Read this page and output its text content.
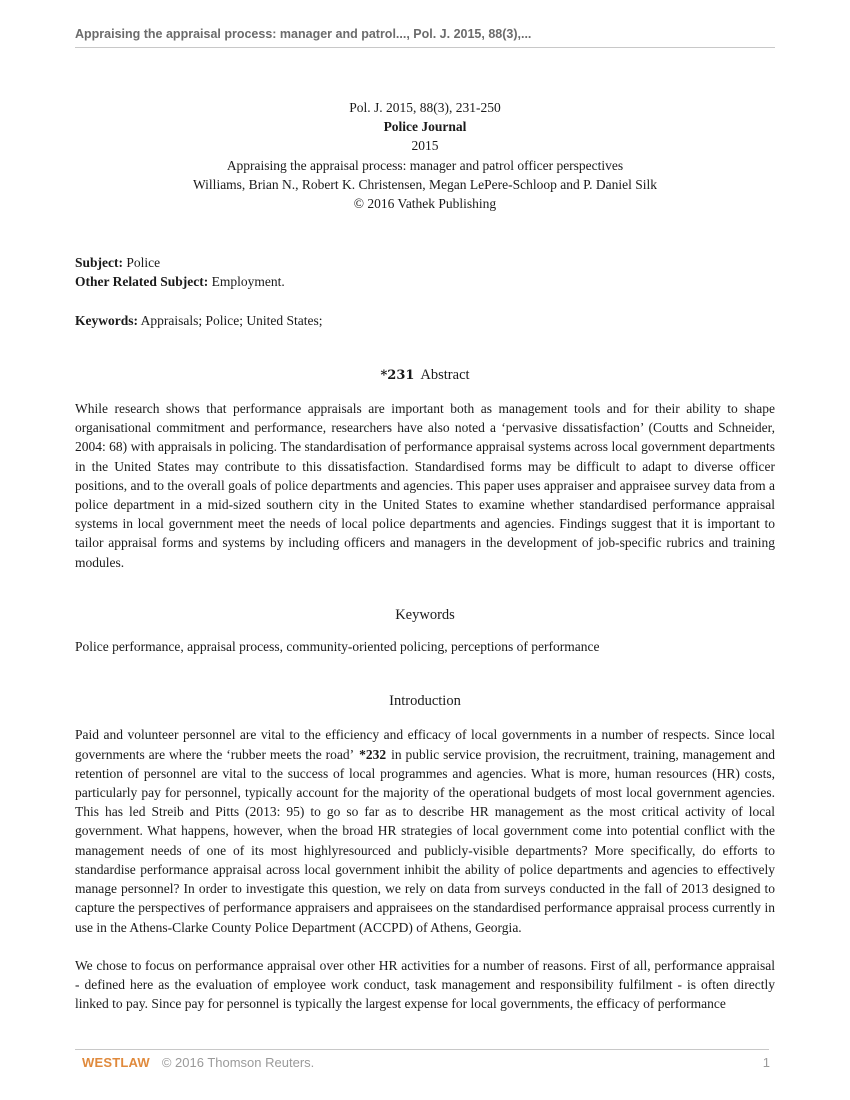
Appraising the appraisal process: manager and patrol..., Pol. J. 2015, 88(3),...

Pol. J. 2015, 88(3), 231-250

Police Journal

2015

Appraising the appraisal process: manager and patrol officer perspectives

Williams, Brian N., Robert K. Christensen, Megan LePere-Schloop and P. Daniel Silk

© 2016 Vathek Publishing

Subject: Police

Other Related Subject: Employment.

Keywords: Appraisals; Police; United States;

*231 Abstract

While research shows that performance appraisals are important both as management tools and for their ability to shape organisational commitment and performance, researchers have also noted a ‘pervasive dissatisfaction’ (Coutts and Schneider, 2004: 68) with appraisals in policing. The standardisation of performance appraisal systems across local government departments in the United States may contribute to this dissatisfaction. Standardised forms may be difficult to adapt to diverse officer positions, and to the overall goals of police departments and agencies. This paper uses appraiser and appraisee survey data from a police department in a mid-sized southern city in the United States to examine whether standardised performance appraisal systems in local government meet the needs of local police departments and agencies. Findings suggest that it is important to tailor appraisal forms and systems by including officers and managers in the development of job-specific rubrics and training modules.

Keywords

Police performance, appraisal process, community-oriented policing, perceptions of performance

Introduction

Paid and volunteer personnel are vital to the efficiency and efficacy of local governments in a number of respects. Since local governments are where the ‘rubber meets the road’ *232 in public service provision, the recruitment, training, management and retention of personnel are vital to the success of local programmes and agencies. What is more, human resources (HR) costs, particularly pay for personnel, typically account for the majority of the operational budgets of most local government agencies. This has led Streib and Pitts (2013: 95) to go so far as to describe HR management as the most critical activity of local government. What happens, however, when the broad HR strategies of local government come into potential conflict with the management needs of one of its most highlyresourced and publicly-visible departments? More specifically, do efforts to standardise performance appraisal across local government inhibit the ability of police departments and agencies to effectively manage personnel? In order to investigate this question, we rely on data from surveys conducted in the fall of 2013 designed to capture the perspectives of performance appraisers and appraisees on the standardised performance appraisal process currently in use in the Athens-Clarke County Police Department (ACCPD) of Athens, Georgia.

We chose to focus on performance appraisal over other HR activities for a number of reasons. First of all, performance appraisal - defined here as the evaluation of employee work conduct, task management and responsibility fulfilment - is often directly linked to pay. Since pay for personnel is typically the largest expense for local governments, the efficacy of performance

WESTLAW © 2016 Thomson Reuters.	1
